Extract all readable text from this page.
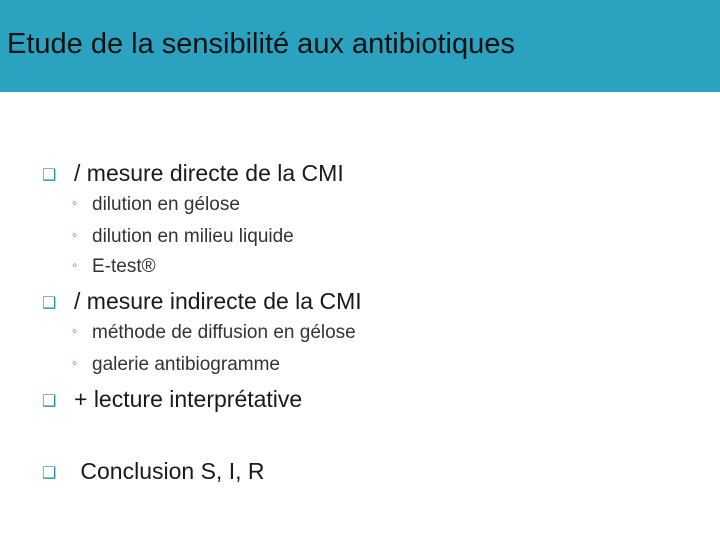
Etude de la sensibilité aux antibiotiques
❑ / mesure directe de la CMI
◦ dilution en gélose
◦ dilution en milieu liquide
◦ E-test®
❑ / mesure indirecte de la CMI
◦ méthode de diffusion en gélose
◦ galerie antibiogramme
❑ + lecture interprétative
❑ Conclusion S, I, R
